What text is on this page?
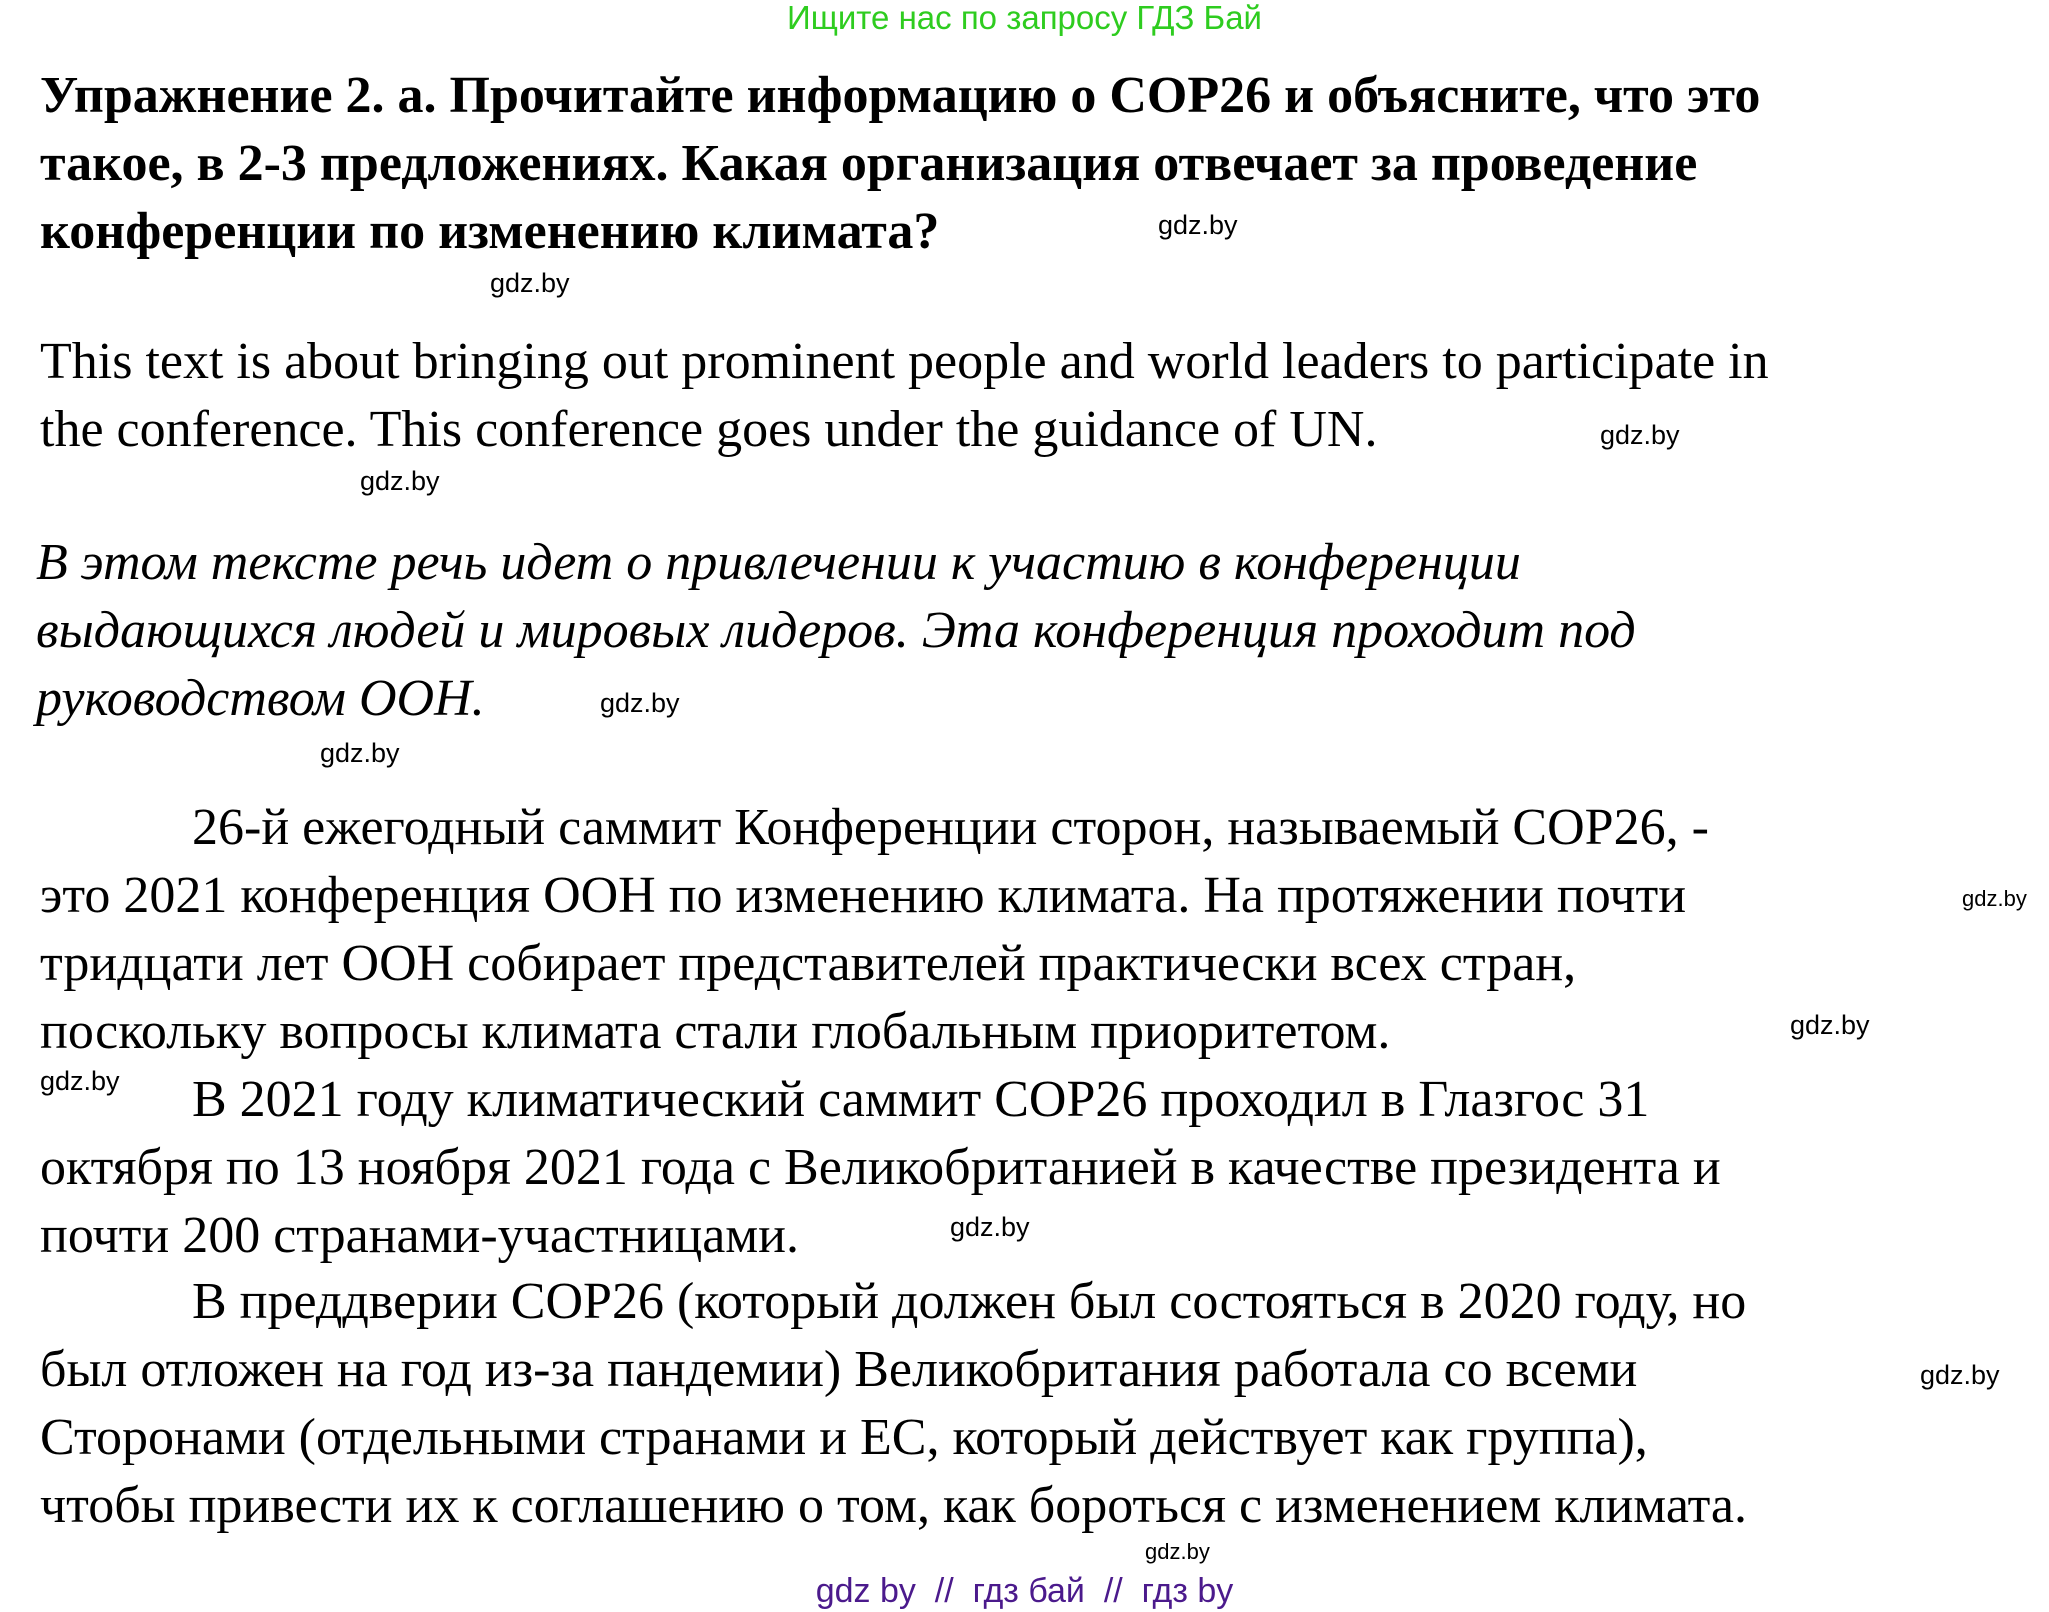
Ищите нас по запросу ГДЗ Бай
Упражнение 2. а. Прочитайте информацию о COP26 и объясните, что это
такое, в 2-3 предложениях. Какая организация отвечает за проведение
конференции по изменению климата?
This text is about bringing out prominent people and world leaders to participate in
the conference. This conference goes under the guidance of UN.
В этом тексте речь идет о привлечении к участию в конференции
выдающихся людей и мировых лидеров. Эта конференция проходит под
руководством ООН.
26-й ежегодный саммит Конференции сторон, называемый COP26, -
это 2021 конференция ООН по изменению климата. На протяжении почти
тридцати лет ООН собирает представителей практически всех стран,
поскольку вопросы климата стали глобальным приоритетом.
В 2021 году климатический саммит COP26 проходил в Глазгос 31
октября по 13 ноября 2021 года с Великобританией в качестве президента и
почти 200 странами-участницами.
В преддверии COP26 (который должен был состояться в 2020 году, но
был отложен на год из-за пандемии) Великобритания работала со всеми
Сторонами (отдельными странами и ЕС, который действует как группа),
чтобы привести их к соглашению о том, как бороться с изменением климата.
gdz.by
gdz.by
gdz.by
gdz.by
gdz.by
gdz.by
gdz.by
gdz.by
gdz.by
gdz.by
gdz.by
gdz.by
gdz by  //  гдз бай  //  гдз by
